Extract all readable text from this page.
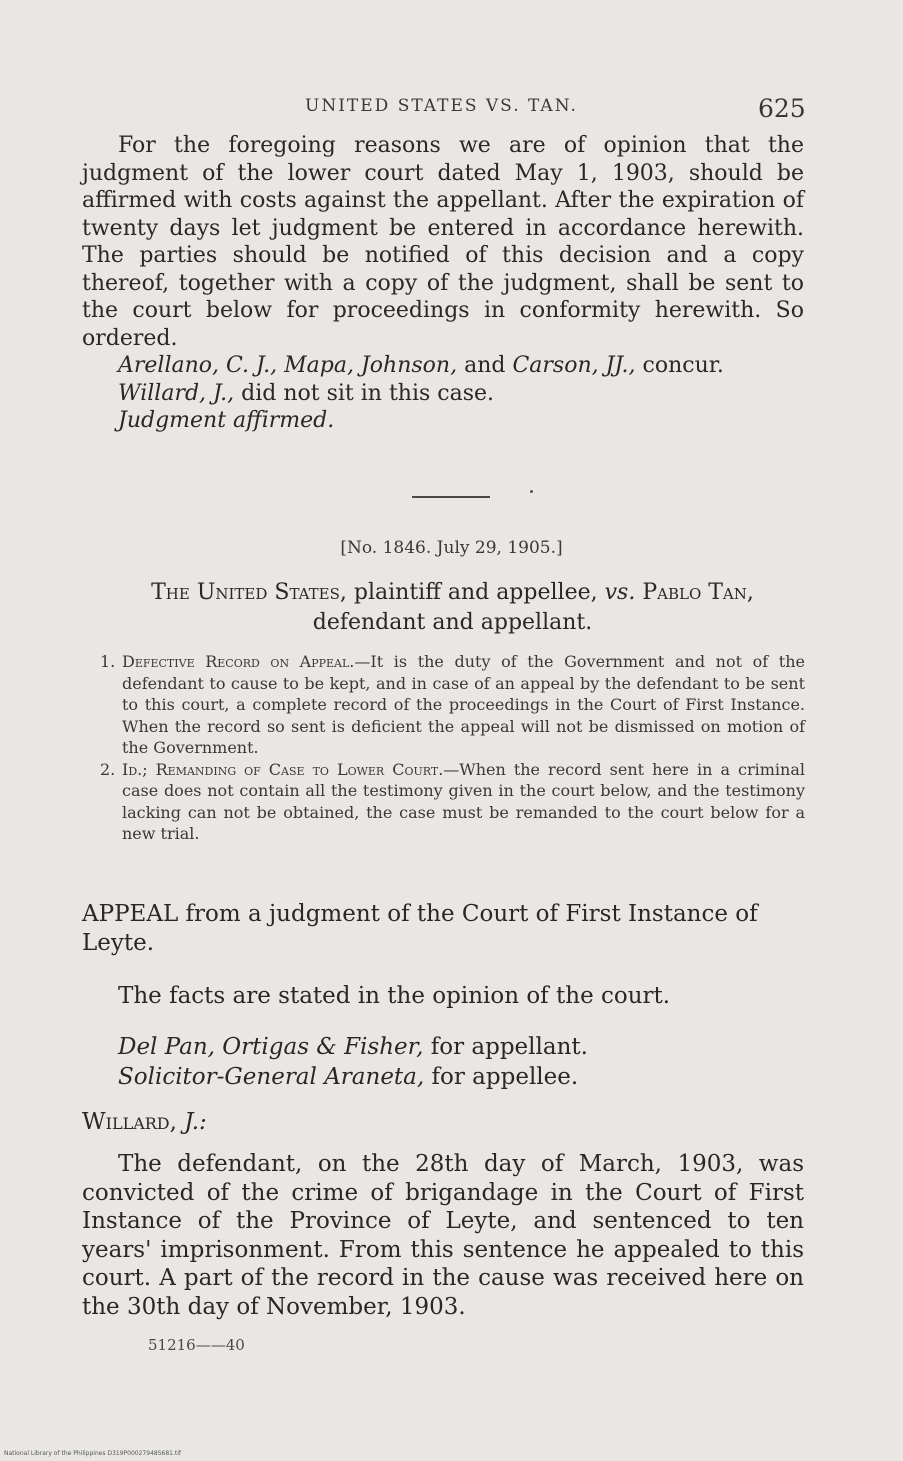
UNITED STATES VS. TAN.	625

For the foregoing reasons we are of opinion that the judgment of the lower court dated May 1, 1903, should be affirmed with costs against the appellant. After the expiration of twenty days let judgment be entered in accordance herewith. The parties should be notified of this decision and a copy thereof, together with a copy of the judgment, shall be sent to the court below for proceedings in conformity herewith. So ordered.

Arellano, C. J., Mapa, Johnson, and Carson, JJ., concur.

Willard, J., did not sit in this case.

Judgment affirmed.

[No. 1846. July 29, 1905.]
The United States, plaintiff and appellee, vs. Pablo Tan, defendant and appellant.

1. Defective Record on Appeal.—It is the duty of the Government and not of the defendant to cause to be kept, and in case of an appeal by the defendant to be sent to this court, a complete record of the proceedings in the Court of First Instance. When the record so sent is deficient the appeal will not be dismissed on motion of the Government.

2. Id.; Remanding of Case to Lower Court.—When the record sent here in a criminal case does not contain all the testimony given in the court below, and the testimony lacking can not be obtained, the case must be remanded to the court below for a new trial.

APPEAL from a judgment of the Court of First Instance of Leyte.
The facts are stated in the opinion of the court.
Del Pan, Ortigas & Fisher, for appellant.
Solicitor-General Araneta, for appellee.
Willard, J.:

The defendant, on the 28th day of March, 1903, was convicted of the crime of brigandage in the Court of First Instance of the Province of Leyte, and sentenced to ten years' imprisonment. From this sentence he appealed to this court. A part of the record in the cause was received here on the 30th day of November, 1903.

51216——40
National Library of the Philippines D319P00027948S681.tif
